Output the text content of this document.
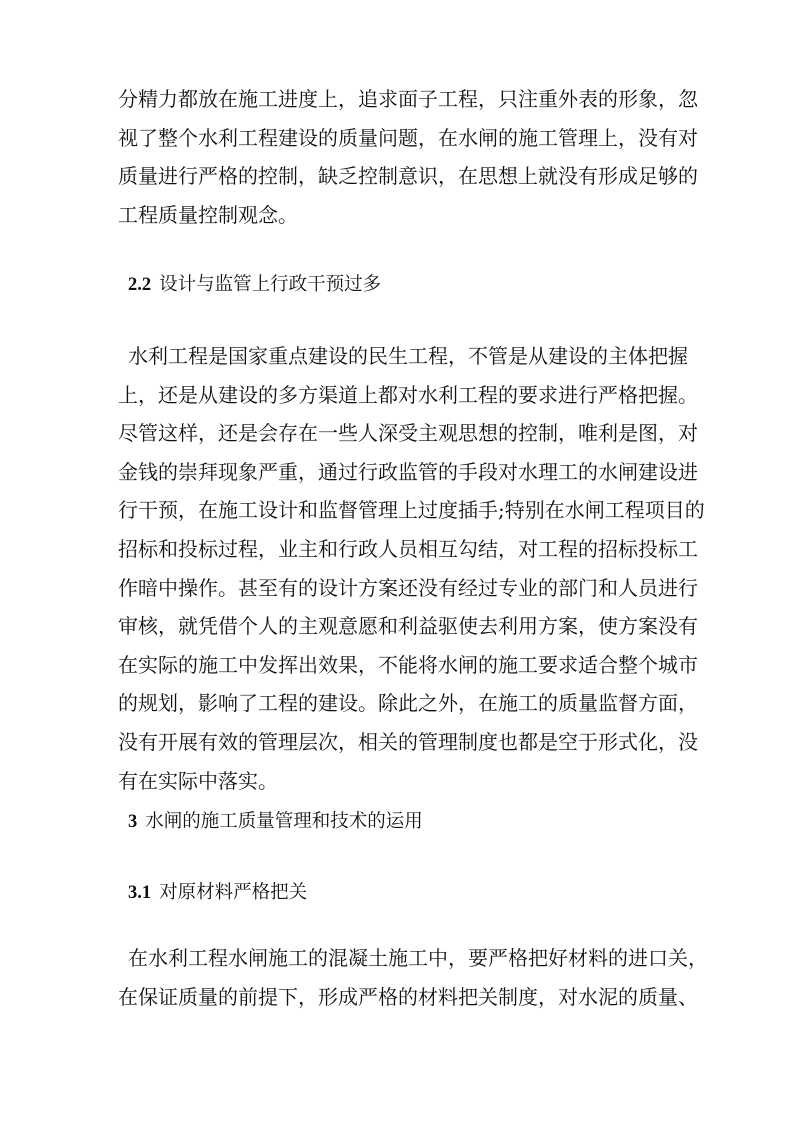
分精力都放在施工进度上，追求面子工程，只注重外表的形象，忽
视了整个水利工程建设的质量问题，在水闸的施工管理上，没有对
质量进行严格的控制，缺乏控制意识，在思想上就没有形成足够的
工程质量控制观念。
2.2 设计与监管上行政干预过多
水利工程是国家重点建设的民生工程，不管是从建设的主体把握
上，还是从建设的多方渠道上都对水利工程的要求进行严格把握。
尽管这样，还是会存在一些人深受主观思想的控制，唯利是图，对
金钱的崇拜现象严重，通过行政监管的手段对水理工的水闸建设进
行干预，在施工设计和监督管理上过度插手;特别在水闸工程项目的
招标和投标过程，业主和行政人员相互勾结，对工程的招标投标工
作暗中操作。甚至有的设计方案还没有经过专业的部门和人员进行
审核，就凭借个人的主观意愿和利益驱使去利用方案，使方案没有
在实际的施工中发挥出效果，不能将水闸的施工要求适合整个城市
的规划，影响了工程的建设。除此之外，在施工的质量监督方面，
没有开展有效的管理层次，相关的管理制度也都是空于形式化，没
有在实际中落实。
3 水闸的施工质量管理和技术的运用
3.1 对原材料严格把关
在水利工程水闸施工的混凝土施工中，要严格把好材料的进口关，
在保证质量的前提下，形成严格的材料把关制度，对水泥的质量、
